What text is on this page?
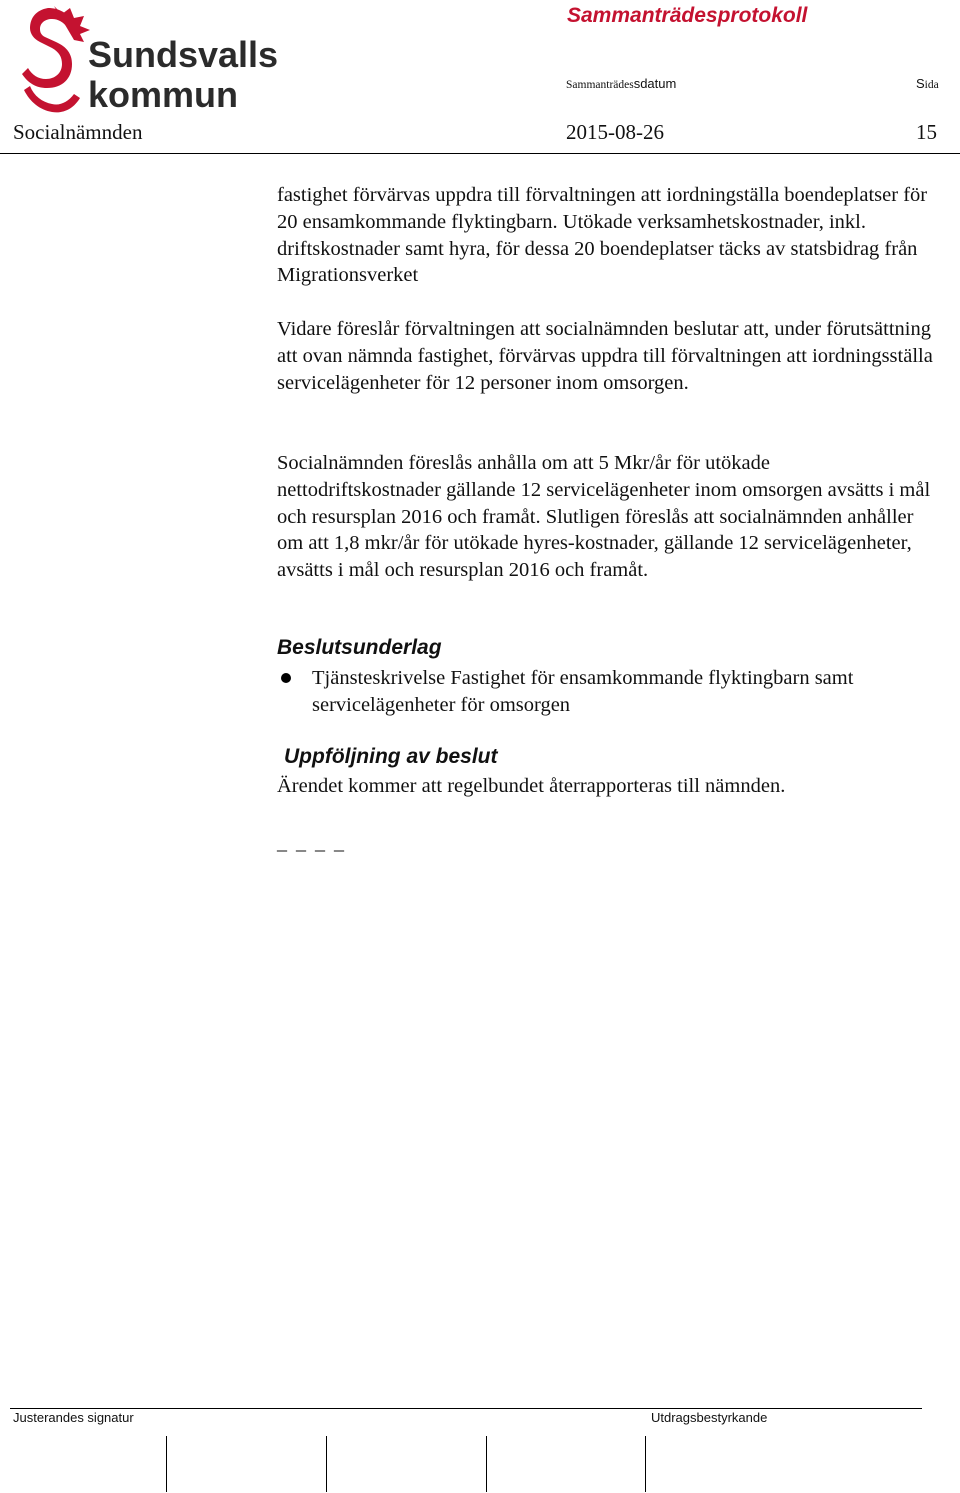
Sundsvalls
kommun
Sammanträdesprotokoll
Sammanträdessdatum	Sida
Socialnämnden	2015-08-26	15

fastighet förvärvas uppdra till förvaltningen att iordningställa boendeplatser för 20 ensamkommande flyktingbarn. Utökade verksamhetskostnader, inkl. driftskostnader samt hyra, för dessa 20 boendeplatser täcks av statsbidrag från Migrationsverket

Vidare föreslår förvaltningen att socialnämnden beslutar att, under förutsättning att ovan nämnda fastighet, förvärvas uppdra till förvaltningen att iordningsställa servicelägenheter för 12 personer inom omsorgen.

Socialnämnden föreslås anhålla om att 5 Mkr/år för utökade nettodriftskostnader gällande 12 servicelägenheter inom omsorgen avsätts i mål och resursplan 2016 och framåt. Slutligen föreslås att socialnämnden anhåller om att 1,8 mkr/år för utökade hyres-kostnader, gällande 12 servicelägenheter, avsätts i mål och resursplan 2016 och framåt.

Beslutsunderlag
Tjänsteskrivelse Fastighet för ensamkommande flyktingbarn samt servicelägenheter för omsorgen
Uppföljning av beslut
Ärendet kommer att regelbundet återrapporteras till nämnden.
_ _ _ _
Justerandes signatur	Utdragsbestyrkande
